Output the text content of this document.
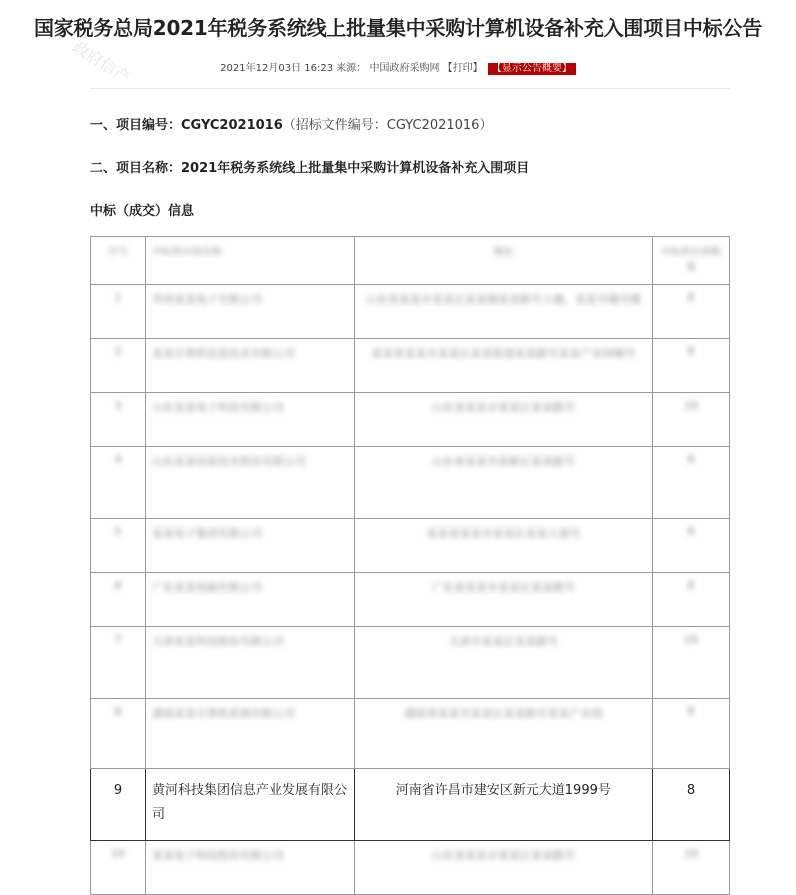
政府信产
国家税务总局2021年税务系统线上批量集中采购计算机设备补充入围项目中标公告
2021年12月03日 16:23 来源： 中国政府采购网 【打印】 【显示公告概要】
一、项目编号：CGYC2021016（招标文件编号：CGYC2021016）
二、项目名称：2021年税务系统线上批量集中采购计算机设备补充入围项目
中标（成交）信息
序号	中标供应商名称	地址	中标供应商数量
1	苏州某某电子有限公司	山东省某某市某某区某某镇某某路号大楼，某某号楼号楼	8
2	某某计算机信息技术有限公司	某某省某某市某某区某某街道某某路号某某产业园楼号	8
3	山东某某电子科技有限公司	山东省某某市某某区某某路号	16
4	山东某某信息技术股份有限公司	山东省某某市高新区某某路号	8
5	某某电子集团有限公司	某某省某某市某某区某某大道号	8
6	广东某某电脑有限公司	广东省某某市某某区某某路号	8
7	天津某某科技股份有限公司	天津市某某区某某路号	16
8	湖南某某计算机系统有限公司	湖南省某某市某某区某某路号某某产业园	8
9	黄河科技集团信息产业发展有限公司	河南省许昌市建安区新元大道1999号	8
10	某某电子科技股份有限公司	山东省某某市某某区某某路号	16
